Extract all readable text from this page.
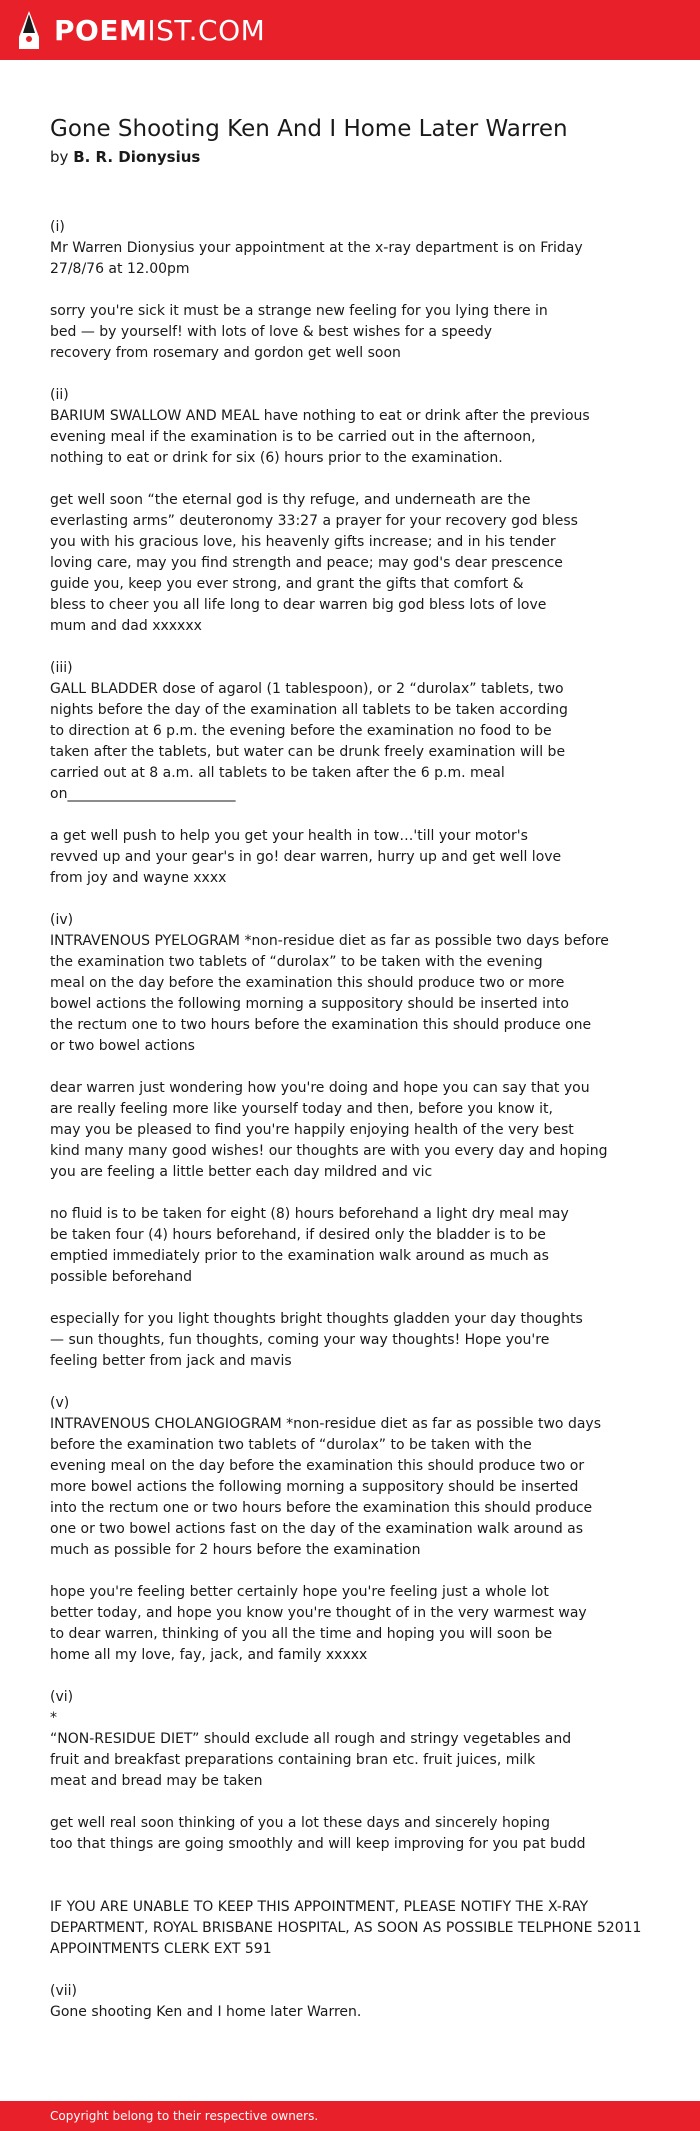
POEMIST.COM
Gone Shooting Ken And I Home Later Warren
by B. R. Dionysius
(i)
Mr Warren Dionysius your appointment at the x-ray department is on Friday
27/8/76 at 12.00pm
sorry you're sick it must be a strange new feeling for you lying there in
bed — by yourself! with lots of love & best wishes for a speedy
recovery from rosemary and gordon get well soon
(ii)
BARIUM SWALLOW AND MEAL have nothing to eat or drink after the previous
evening meal if the examination is to be carried out in the afternoon,
nothing to eat or drink for six (6) hours prior to the examination.
get well soon “the eternal god is thy refuge, and underneath are the
everlasting arms” deuteronomy 33:27 a prayer for your recovery god bless
you with his gracious love, his heavenly gifts increase; and in his tender
loving care, may you find strength and peace; may god's dear prescence
guide you, keep you ever strong, and grant the gifts that comfort &
bless to cheer you all life long to dear warren big god bless lots of love
mum and dad xxxxxx
(iii)
GALL BLADDER dose of agarol (1 tablespoon), or 2 “durolax” tablets, two
nights before the day of the examination all tablets to be taken according
to direction at 6 p.m. the evening before the examination no food to be
taken after the tablets, but water can be drunk freely examination will be
carried out at 8 a.m. all tablets to be taken after the 6 p.m. meal
on________________________
a get well push to help you get your health in tow…'till your motor's
revved up and your gear's in go! dear warren, hurry up and get well love
from joy and wayne xxxx
(iv)
INTRAVENOUS PYELOGRAM *non-residue diet as far as possible two days before
the examination two tablets of “durolax” to be taken with the evening
meal on the day before the examination this should produce two or more
bowel actions the following morning a suppository should be inserted into
the rectum one to two hours before the examination this should produce one
or two bowel actions
dear warren just wondering how you're doing and hope you can say that you
are really feeling more like yourself today and then, before you know it,
may you be pleased to find you're happily enjoying health of the very best
kind many many good wishes! our thoughts are with you every day and hoping
you are feeling a little better each day mildred and vic
no fluid is to be taken for eight (8) hours beforehand a light dry meal may
be taken four (4) hours beforehand, if desired only the bladder is to be
emptied immediately prior to the examination walk around as much as
possible beforehand
especially for you light thoughts bright thoughts gladden your day thoughts
— sun thoughts, fun thoughts, coming your way thoughts! Hope you're
feeling better from jack and mavis
(v)
INTRAVENOUS CHOLANGIOGRAM *non-residue diet as far as possible two days
before the examination two tablets of “durolax” to be taken with the
evening meal on the day before the examination this should produce two or
more bowel actions the following morning a suppository should be inserted
into the rectum one or two hours before the examination this should produce
one or two bowel actions fast on the day of the examination walk around as
much as possible for 2 hours before the examination
hope you're feeling better certainly hope you're feeling just a whole lot
better today, and hope you know you're thought of in the very warmest way
to dear warren, thinking of you all the time and hoping you will soon be
home all my love, fay, jack, and family xxxxx
(vi)
*
“NON-RESIDUE DIET” should exclude all rough and stringy vegetables and
fruit and breakfast preparations containing bran etc. fruit juices, milk
meat and bread may be taken
get well real soon thinking of you a lot these days and sincerely hoping
too that things are going smoothly and will keep improving for you pat budd
IF YOU ARE UNABLE TO KEEP THIS APPOINTMENT, PLEASE NOTIFY THE X-RAY
DEPARTMENT, ROYAL BRISBANE HOSPITAL, AS SOON AS POSSIBLE TELPHONE 52011
APPOINTMENTS CLERK EXT 591
(vii)
Gone shooting Ken and I home later Warren.
Copyright belong to their respective owners.
